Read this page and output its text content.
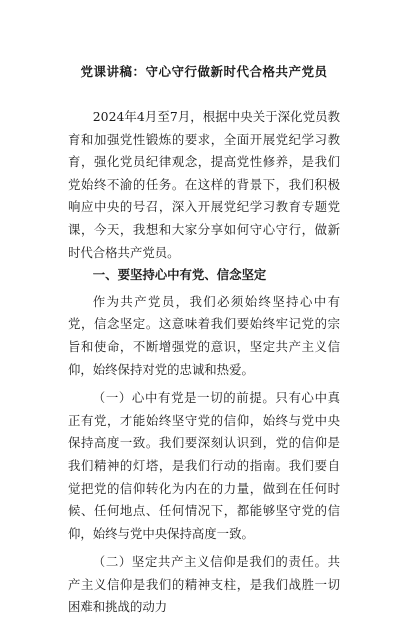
党课讲稿：守心守行做新时代合格共产党员

2024年4月至7月，根据中央关于深化党员教育和加强党性锻炼的要求，全面开展党纪学习教育，强化党员纪律观念，提高党性修养，是我们党始终不渝的任务。在这样的背景下，我们积极响应中央的号召，深入开展党纪学习教育专题党课，今天，我想和大家分享如何守心守行，做新时代合格共产党员。

一、要坚持心中有党、信念坚定

作为共产党员，我们必须始终坚持心中有党，信念坚定。这意味着我们要始终牢记党的宗旨和使命，不断增强党的意识，坚定共产主义信仰，始终保持对党的忠诚和热爱。

（一）心中有党是一切的前提。只有心中真正有党，才能始终坚守党的信仰，始终与党中央保持高度一致。我们要深刻认识到，党的信仰是我们精神的灯塔，是我们行动的指南。我们要自觉把党的信仰转化为内在的力量，做到在任何时候、任何地点、任何情况下，都能够坚守党的信仰，始终与党中央保持高度一致。

（二）坚定共产主义信仰是我们的责任。共产主义信仰是我们的精神支柱，是我们战胜一切困难和挑战的动力
